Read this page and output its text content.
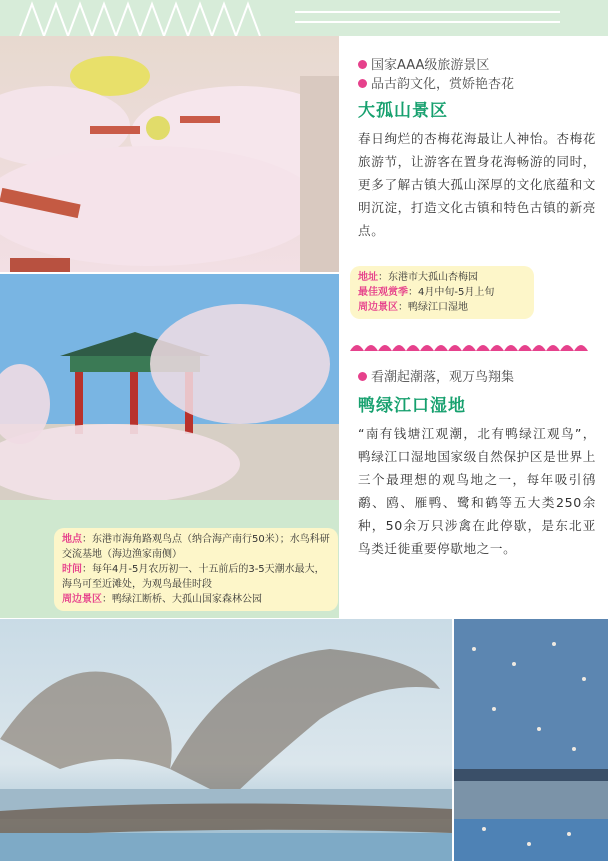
国家AAA级旅游景区
品古韵文化，赏娇艳杏花
大孤山景区
春日绚烂的杏梅花海最让人神怡。杏梅花旅游节，让游客在置身花海畅游的同时，更多了解古镇大孤山深厚的文化底蕴和文明沉淀，打造文化古镇和特色古镇的新亮点。
地址：东港市大孤山杏梅园
最佳观赏季：4月中旬-5月上旬
周边景区：鸭绿江口湿地
看潮起潮落，观万鸟翔集
鸭绿江口湿地
“南有钱塘江观潮，北有鸭绿江观鸟”，鸭绿江口湿地国家级自然保护区是世界上三个最理想的观鸟地之一，每年吸引鸻鹬、鸥、雁鸭、鹭和鹤等五大类250余种，50余万只涉禽在此停歇，是东北亚鸟类迁徙重要停歇地之一。
地点：东港市海角路观鸟点（纳合海产南行50米）；水鸟科研交流基地（海边渔家南侧）
时间：每年4月-5月农历初一、十五前后的3-5天潮水最大，海鸟可至近滩处，为观鸟最佳时段
周边景区：鸭绿江断桥、大孤山国家森林公园
